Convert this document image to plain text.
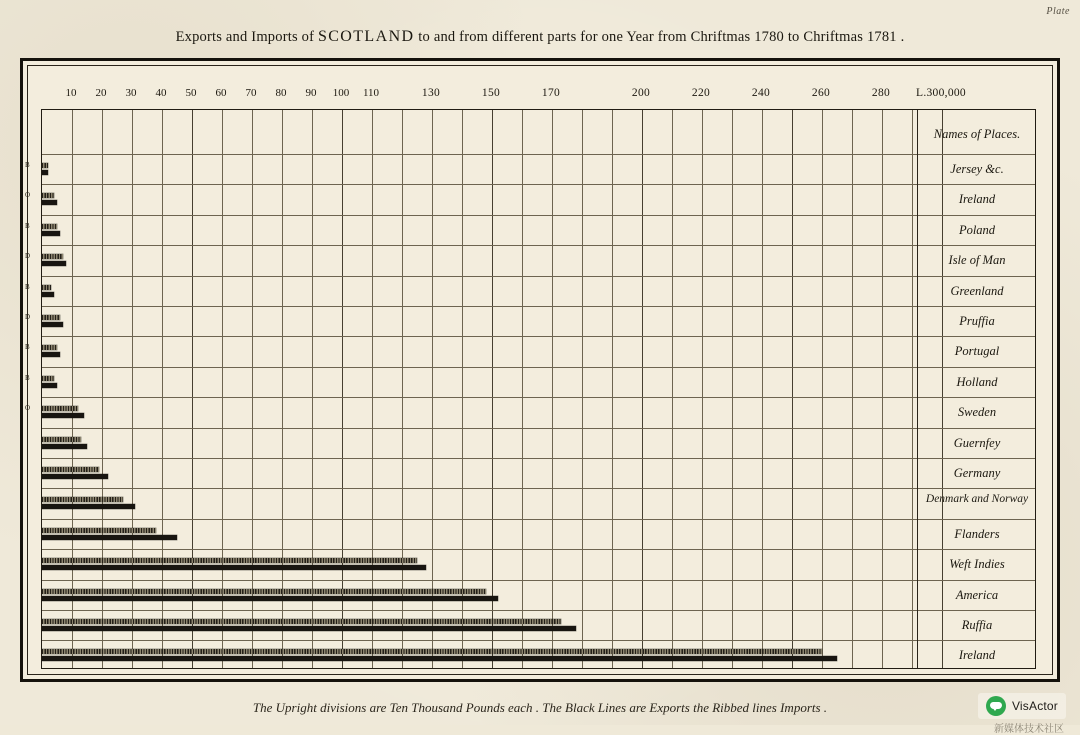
Plate
Exports and Imports of SCOTLAND to and from different parts for one Year from Chriftmas 1780 to Chriftmas 1781 .
10 20 30 40 50 60 70 80 90 100 110	130	150	170	200	220	240	260	280 L.300,000
B
O
B
D
B
D
B
B
O
Names of Places.
Jersey &c.
Ireland
Poland
Isle of Man
Greenland
Pruffia
Portugal
Holland
Sweden
Guernfey
Germany
Denmark and Norway
Flanders
Weft Indies
America
Ruffia
Ireland
The Upright divisions are Ten Thousand Pounds each . The Black Lines are Exports the Ribbed lines Imports .	VisActor
新媒体技术社区
